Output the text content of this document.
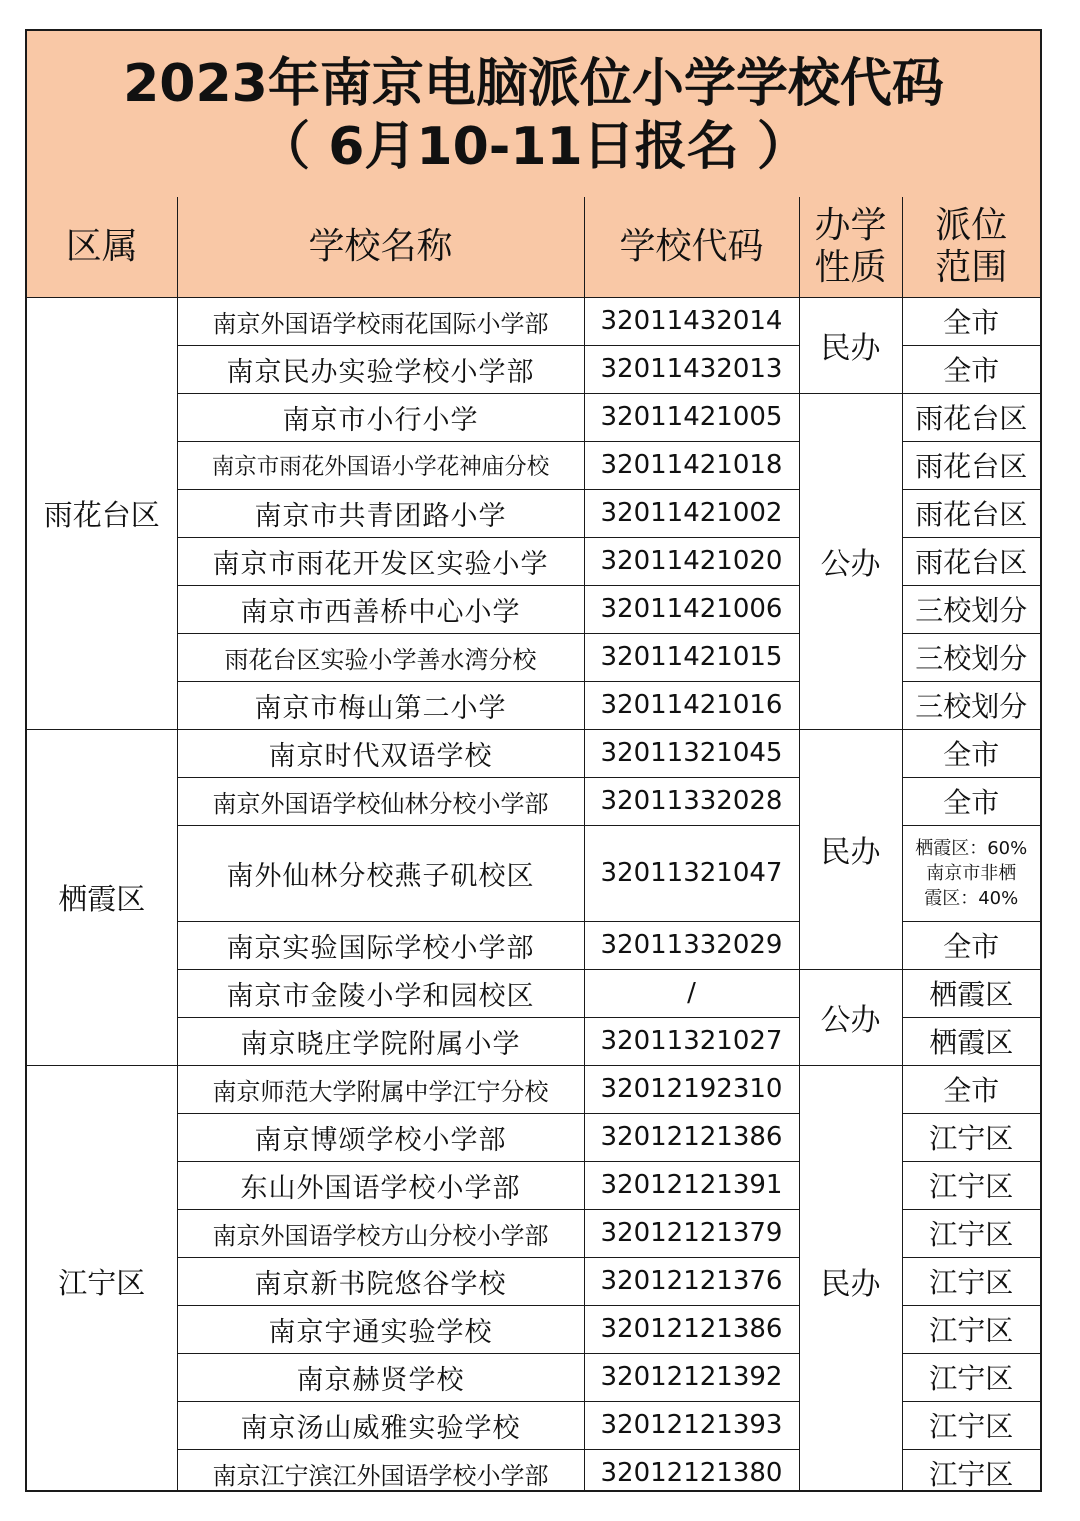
2023年南京电脑派位小学学校代码
（ 6月10-11日报名 ）
区属	学校名称	学校代码	办学
性质	派位
范围
雨花台区	南京外国语学校雨花国际小学部	32011432014	民办	全市
	南京民办实验学校小学部	32011432013		全市
	南京市小行小学	32011421005	公办	雨花台区
	南京市雨花外国语小学花神庙分校	32011421018		雨花台区
	南京市共青团路小学	32011421002		雨花台区
	南京市雨花开发区实验小学	32011421020		雨花台区
	南京市西善桥中心小学	32011421006		三校划分
	雨花台区实验小学善水湾分校	32011421015		三校划分
	南京市梅山第二小学	32011421016		三校划分
栖霞区	南京时代双语学校	32011321045	民办	全市
	南京外国语学校仙林分校小学部	32011332028		全市
	南外仙林分校燕子矶校区	32011321047		栖霞区：60%
南京市非栖
霞区：40%

	南京实验国际学校小学部	32011332029		全市
	南京市金陵小学和园校区	/	公办	栖霞区
	南京晓庄学院附属小学	32011321027		栖霞区
江宁区	南京师范大学附属中学江宁分校	32012192310	民办	全市
	南京博颂学校小学部	32012121386		江宁区
	东山外国语学校小学部	32012121391		江宁区
	南京外国语学校方山分校小学部	32012121379		江宁区
	南京新书院悠谷学校	32012121376		江宁区
	南京宇通实验学校	32012121386		江宁区
	南京赫贤学校	32012121392		江宁区
	南京汤山威雅实验学校	32012121393		江宁区
	南京江宁滨江外国语学校小学部	32012121380		江宁区
